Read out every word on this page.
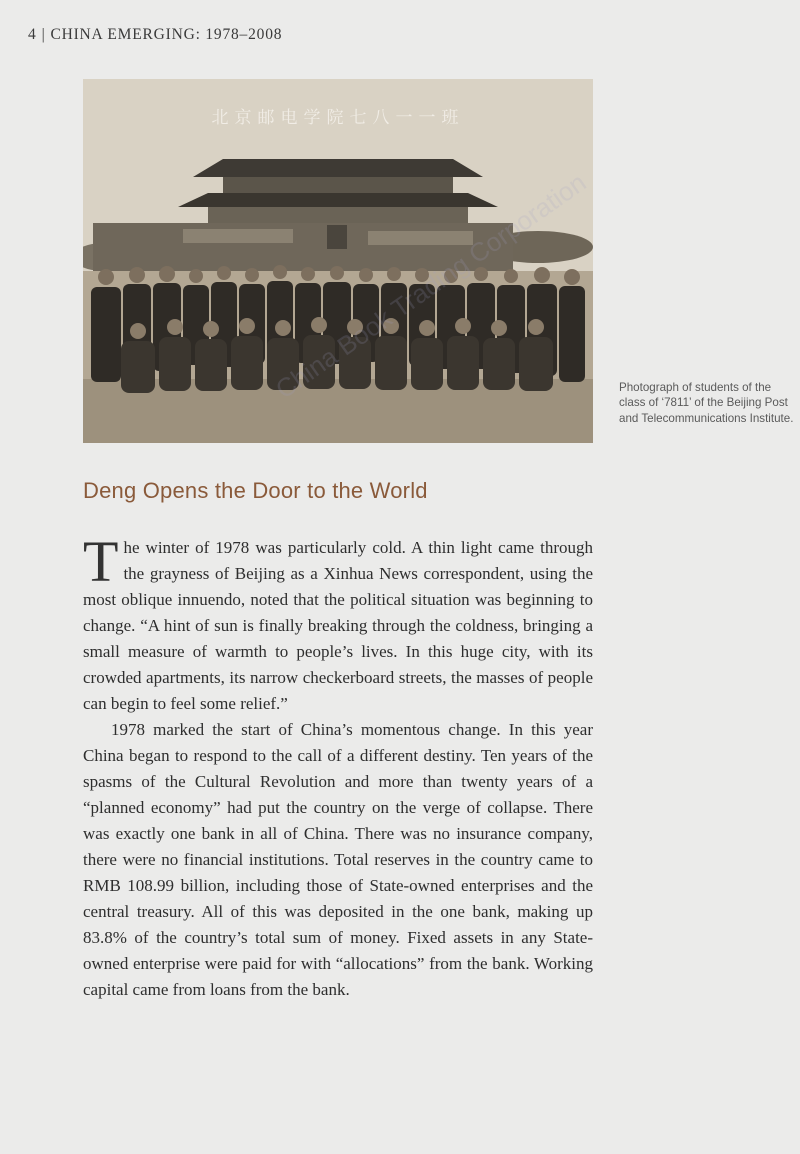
4 | CHINA EMERGING: 1978–2008
北京邮电学院七八一一班
Photograph of students of the class of ‘7811’ of the Beijing Post and Telecommunications Institute.
Deng Opens the Door to the World

The winter of 1978 was particularly cold. A thin light came through the grayness of Beijing as a Xinhua News correspondent, using the most oblique innuendo, noted that the political situation was beginning to change. “A hint of sun is finally breaking through the coldness, bringing a small measure of warmth to people’s lives. In this huge city, with its crowded apartments, its narrow checkerboard streets, the masses of people can begin to feel some relief.”

1978 marked the start of China’s momentous change. In this year China began to respond to the call of a different destiny. Ten years of the spasms of the Cultural Revolution and more than twenty years of a “planned economy” had put the country on the verge of collapse. There was exactly one bank in all of China. There was no insurance company, there were no financial institutions. Total reserves in the country came to RMB 108.99 billion, including those of State-owned enterprises and the central treasury. All of this was deposited in the one bank, making up 83.8% of the country’s total sum of money. Fixed assets in any State-owned enterprise were paid for with “allocations” from the bank. Working capital came from loans from the bank.
